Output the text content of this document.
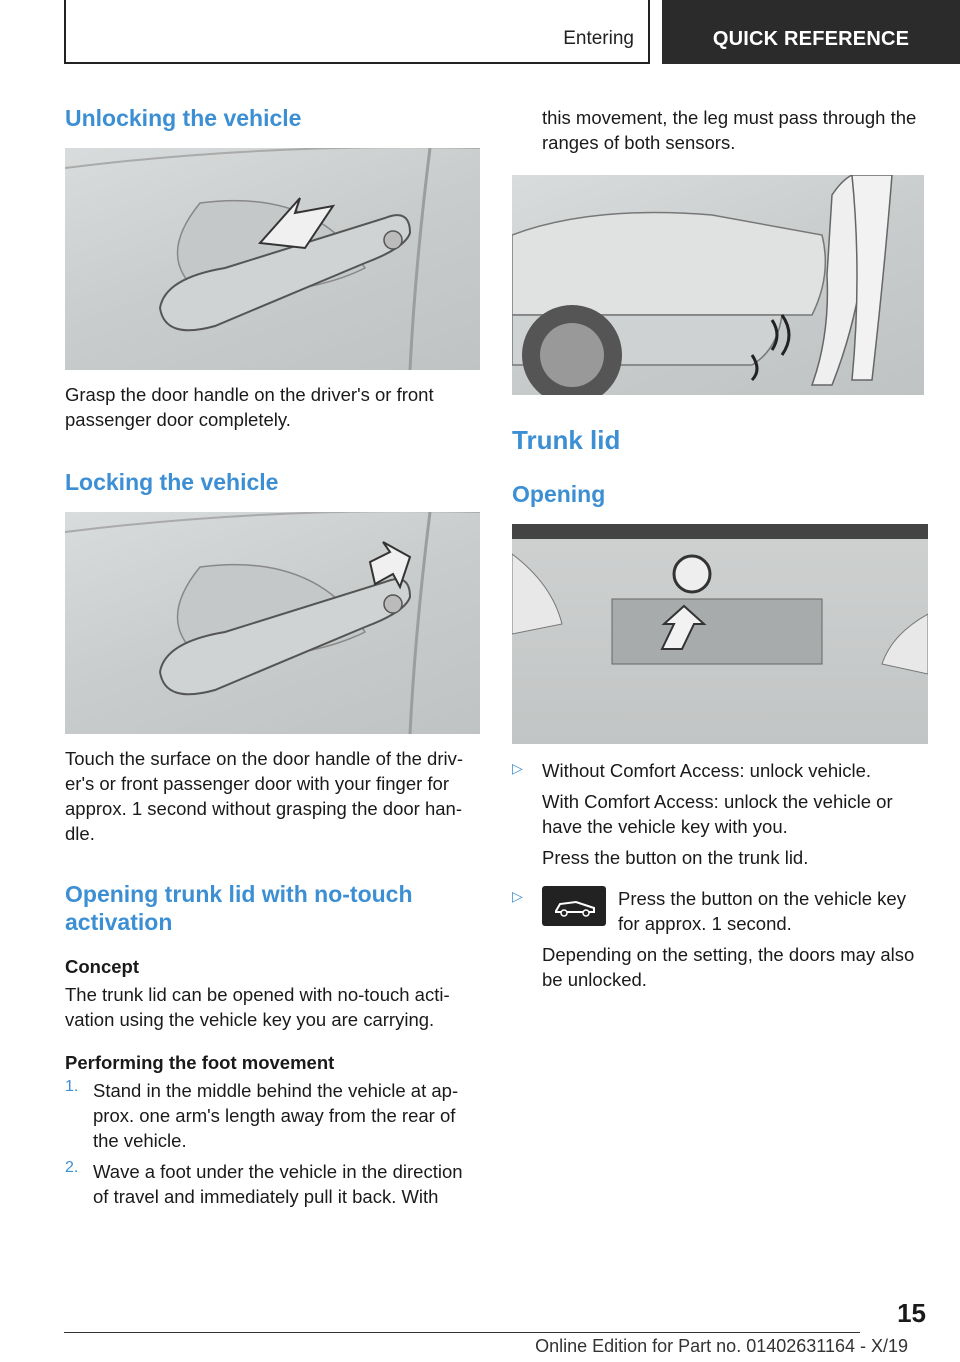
Entering	QUICK REFERENCE
Unlocking the vehicle

Grasp the door handle on the driver's or front passenger door completely.

Locking the vehicle

Touch the surface on the door handle of the driv-er's or front passenger door with your finger for approx. 1 second without grasping the door han-dle.

Opening trunk lid with no-touch activation
Concept

The trunk lid can be opened with no-touch acti-vation using the vehicle key you are carrying.

Performing the foot movement
1. Stand in the middle behind the vehicle at ap-prox. one arm's length away from the rear of the vehicle.

2. Wave a foot under the vehicle in the direction of travel and immediately pull it back. With

this movement, the leg must pass through the ranges of both sensors.

Trunk lid
Opening
▷ Without Comfort Access: unlock vehicle.

With Comfort Access: unlock the vehicle or have the vehicle key with you.

Press the button on the trunk lid.

▷	Press the button on the vehicle key for approx. 1 second.

Depending on the setting, the doors may also be unlocked.

15
Online Edition for Part no. 01402631164 - X/19
